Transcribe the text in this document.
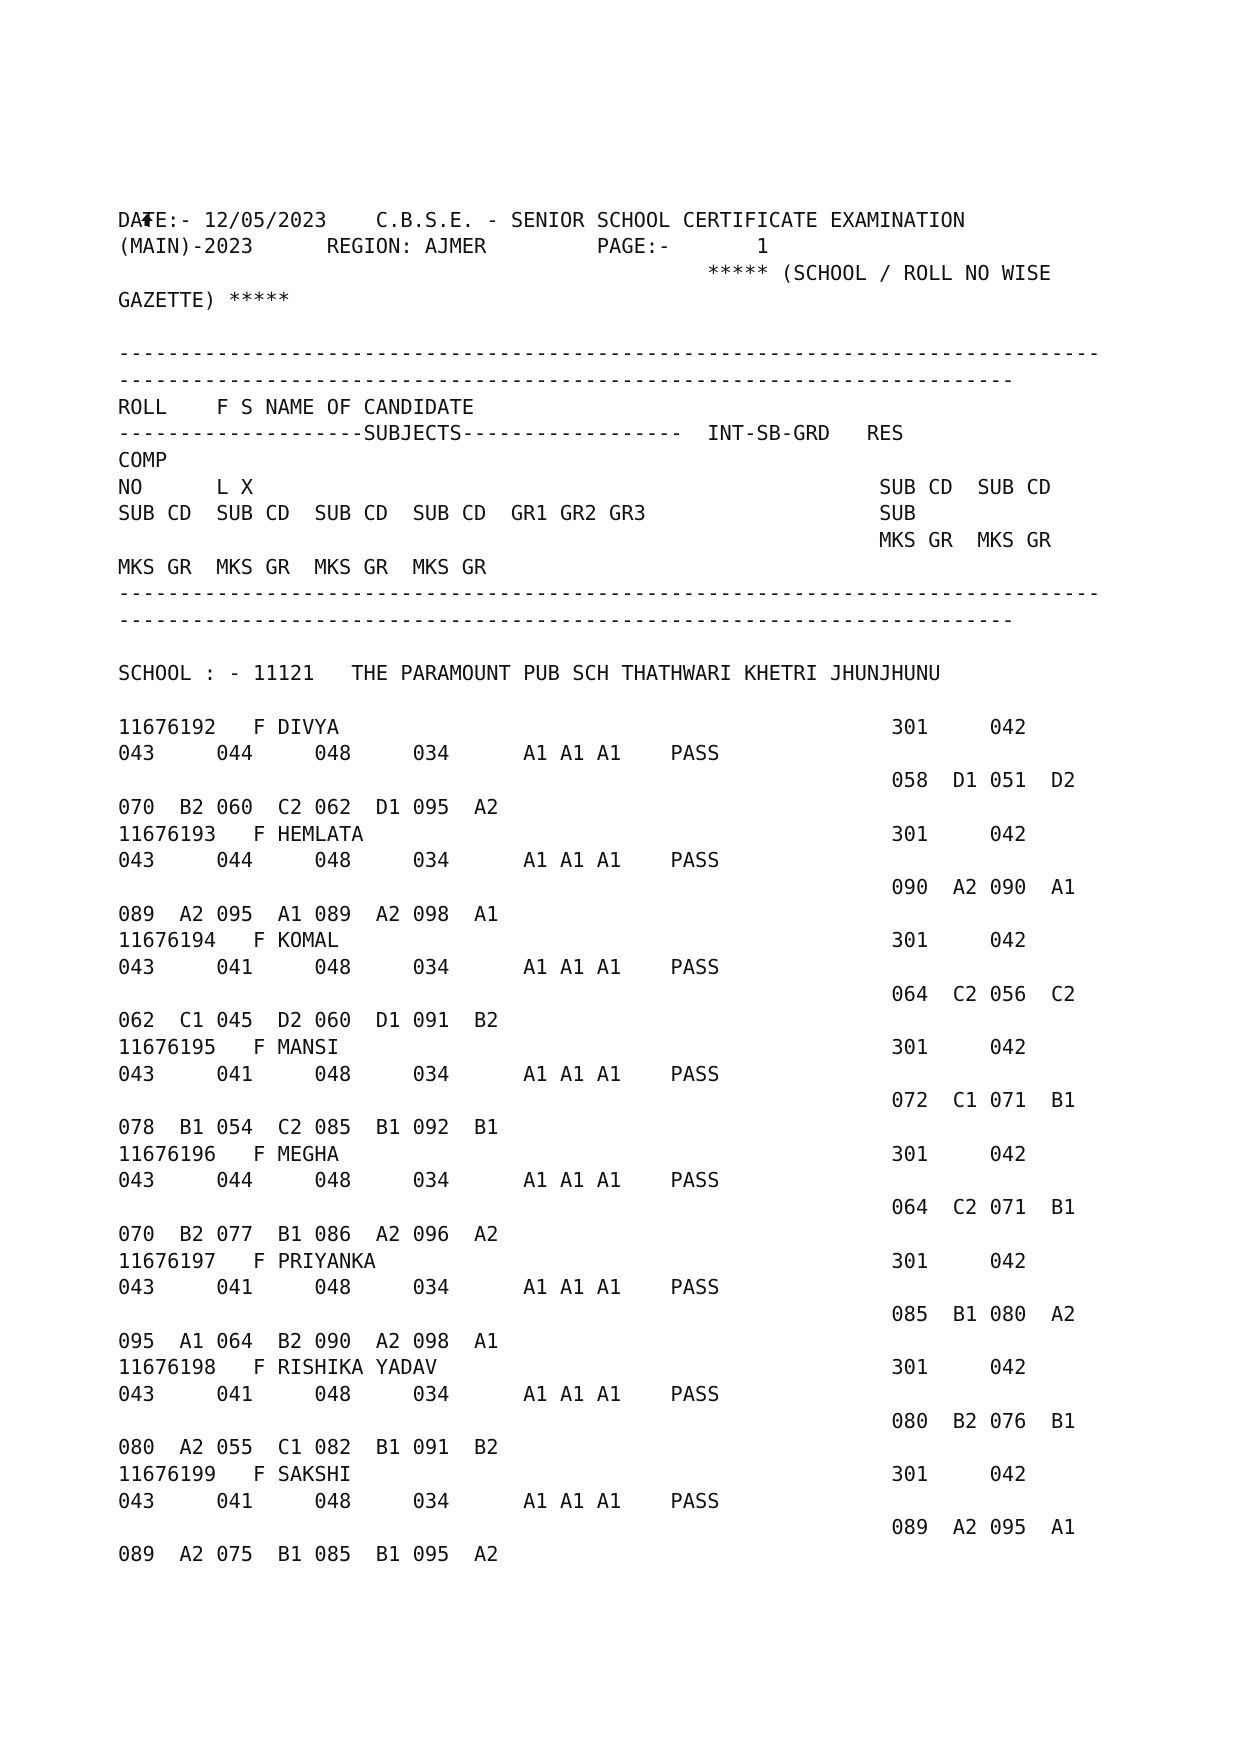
DATE:- 12/05/2023    C.B.S.E. - SENIOR SCHOOL CERTIFICATE EXAMINATION
(MAIN)-2023      REGION: AJMER         PAGE:-       1
***** (SCHOOL / ROLL NO WISE
GAZETTE) *****
--------------------------------------------------------------------------------
-------------------------------------------------------------------------
ROLL    F S NAME OF CANDIDATE
--------------------SUBJECTS------------------  INT-SB-GRD   RES
COMP
NO      L X                                                   SUB CD  SUB CD
SUB CD  SUB CD  SUB CD  SUB CD  GR1 GR2 GR3                   SUB
MKS GR  MKS GR
MKS GR  MKS GR  MKS GR  MKS GR
--------------------------------------------------------------------------------
-------------------------------------------------------------------------
SCHOOL : - 11121   THE PARAMOUNT PUB SCH THATHWARI KHETRI JHUNJHUNU
11676192   F DIVYA                                             301     042
043     044     048     034      A1 A1 A1    PASS
058  D1 051  D2
070  B2 060  C2 062  D1 095  A2
11676193   F HEMLATA                                           301     042
043     044     048     034      A1 A1 A1    PASS
090  A2 090  A1
089  A2 095  A1 089  A2 098  A1
11676194   F KOMAL                                             301     042
043     041     048     034      A1 A1 A1    PASS
064  C2 056  C2
062  C1 045  D2 060  D1 091  B2
11676195   F MANSI                                             301     042
043     041     048     034      A1 A1 A1    PASS
072  C1 071  B1
078  B1 054  C2 085  B1 092  B1
11676196   F MEGHA                                             301     042
043     044     048     034      A1 A1 A1    PASS
064  C2 071  B1
070  B2 077  B1 086  A2 096  A2
11676197   F PRIYANKA                                          301     042
043     041     048     034      A1 A1 A1    PASS
085  B1 080  A2
095  A1 064  B2 090  A2 098  A1
11676198   F RISHIKA YADAV                                     301     042
043     041     048     034      A1 A1 A1    PASS
080  B2 076  B1
080  A2 055  C1 082  B1 091  B2
11676199   F SAKSHI                                            301     042
043     041     048     034      A1 A1 A1    PASS
089  A2 095  A1
089  A2 075  B1 085  B1 095  A2
